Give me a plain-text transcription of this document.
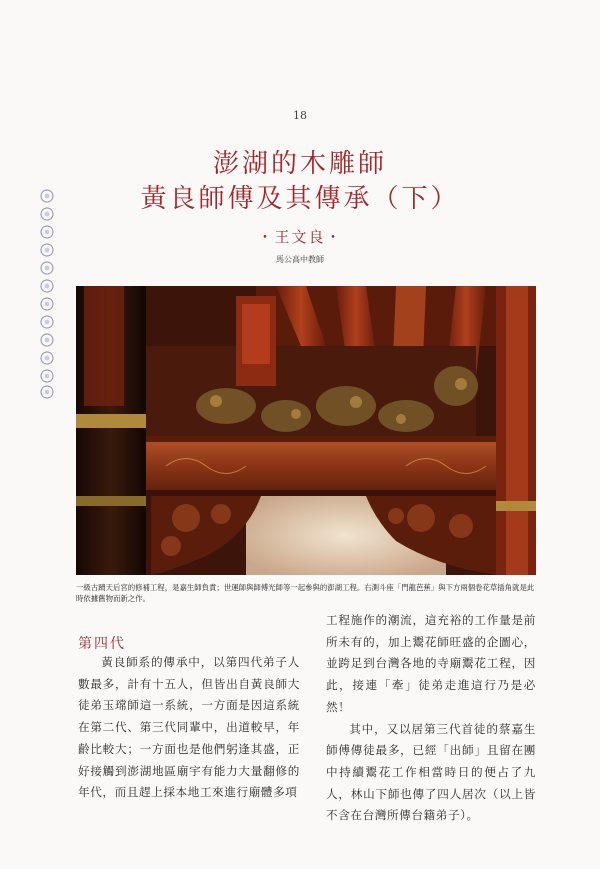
18
澎湖的木雕師
黃良師傅及其傳承（下）
・王文良・
馬公高中教師
一級古蹟天后宮的修補工程，是嘉生師負責；世運師與師傅光師等一起參與的澎湖工程。右測斗座「門龍芭蕉」與下方兩個卷花草插角就是此時依據舊物而新之作。
第四代

黃良師系的傳承中，以第四代弟子人數最多，計有十五人，但皆出自黃良師大徒弟玉瑺師這一系統，一方面是因這系統在第二代、第三代同輩中，出道較早，年齡比較大；一方面也是他們躬逢其盛，正好接觸到澎湖地區廟宇有能力大量翻修的年代，而且趕上採本地工來進行廟體多項

工程施作的潮流，這充裕的工作量是前所未有的，加上鬻花師旺盛的企圖心，並跨足到台灣各地的寺廟鬻花工程，因此，接連「牽」徒弟走進這行乃是必然！

其中，又以居第三代首徒的蔡嘉生師傅傳徒最多，已經「出師」且留在團中持續鬻花工作相當時日的便占了九人，林山下師也傳了四人居次（以上皆不含在台灣所傳台籍弟子）。
